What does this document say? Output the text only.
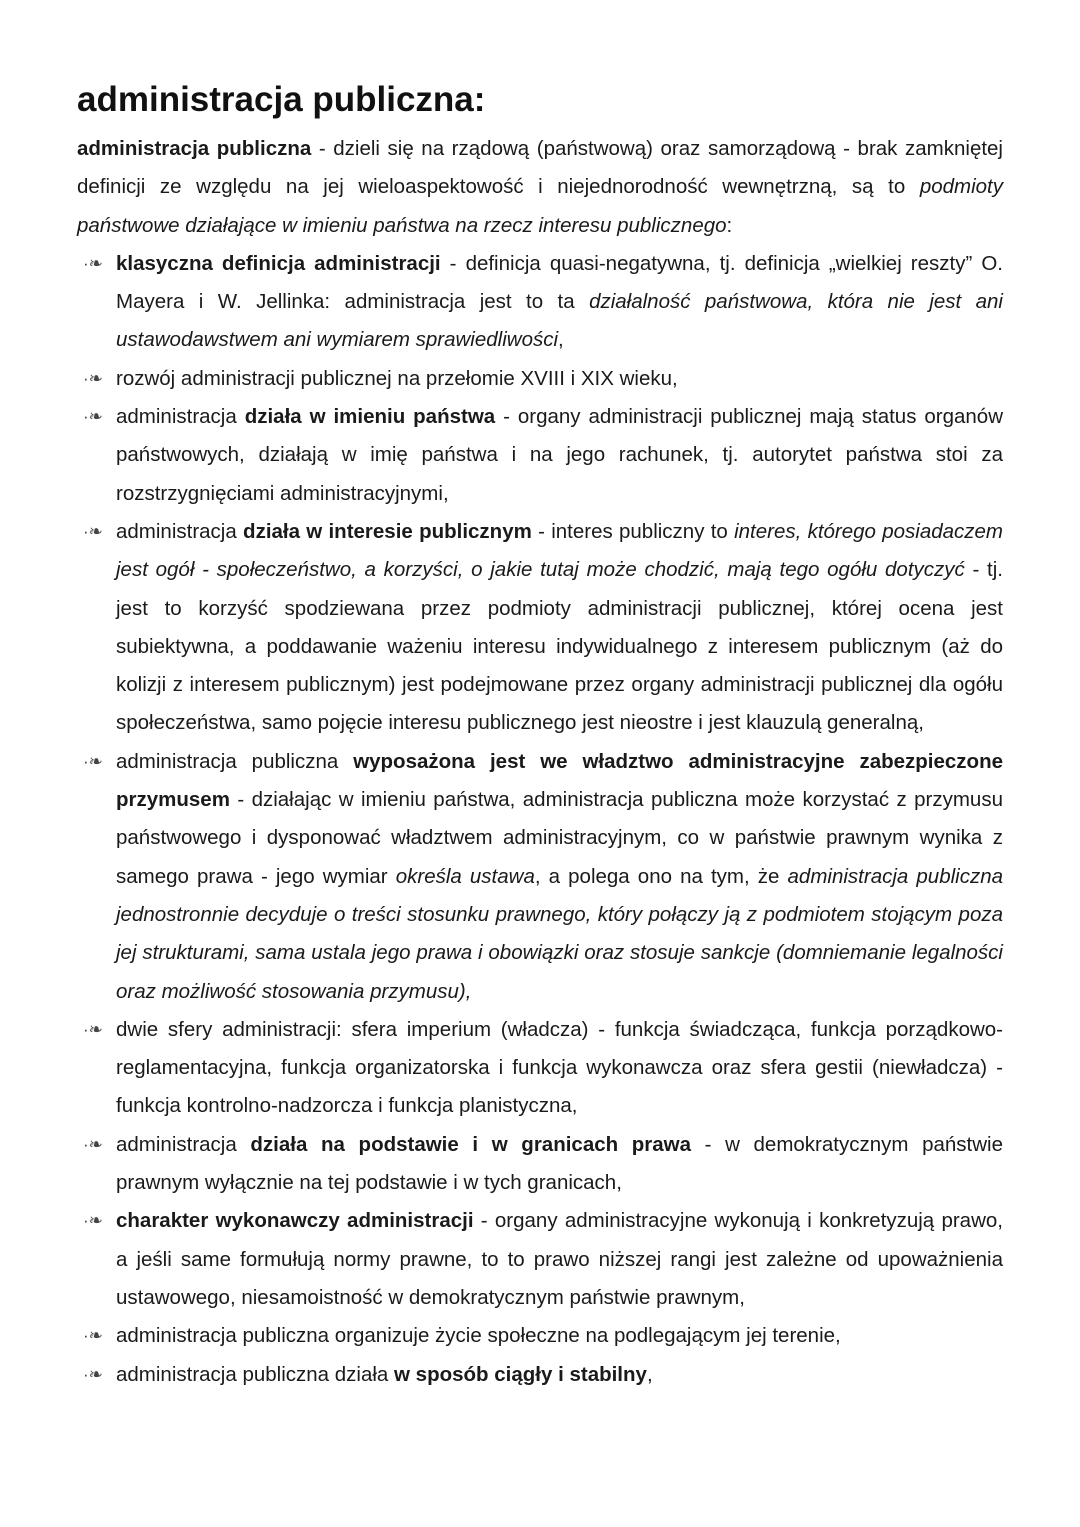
administracja publiczna:

administracja publiczna - dzieli się na rządową (państwową) oraz samorządową - brak zamkniętej definicji ze względu na jej wieloaspektowość i niejednorodność wewnętrzną, są to podmioty państwowe działające w imieniu państwa na rzecz interesu publicznego:

·❧ klasyczna definicja administracji - definicja quasi-negatywna, tj. definicja „wielkiej reszty” O. Mayera i W. Jellinka: administracja jest to ta działalność państwowa, która nie jest ani ustawodawstwem ani wymiarem sprawiedliwości,
·❧ rozwój administracji publicznej na przełomie XVIII i XIX wieku,
·❧ administracja działa w imieniu państwa - organy administracji publicznej mają status organów państwowych, działają w imię państwa i na jego rachunek, tj. autorytet państwa stoi za rozstrzygnięciami administracyjnymi,
·❧ administracja działa w interesie publicznym - interes publiczny to interes, którego posiadaczem jest ogół - społeczeństwo, a korzyści, o jakie tutaj może chodzić, mają tego ogółu dotyczyć - tj. jest to korzyść spodziewana przez podmioty administracji publicznej, której ocena jest subiektywna, a poddawanie ważeniu interesu indywidualnego z interesem publicznym (aż do kolizji z interesem publicznym) jest podejmowane przez organy administracji publicznej dla ogółu społeczeństwa, samo pojęcie interesu publicznego jest nieostre i jest klauzulą generalną,
·❧ administracja publiczna wyposażona jest we władztwo administracyjne zabezpieczone przymusem - działając w imieniu państwa, administracja publiczna może korzystać z przymusu państwowego i dysponować władztwem administracyjnym, co w państwie prawnym wynika z samego prawa - jego wymiar określa ustawa, a polega ono na tym, że administracja publiczna jednostronnie decyduje o treści stosunku prawnego, który połączy ją z podmiotem stojącym poza jej strukturami, sama ustala jego prawa i obowiązki oraz stosuje sankcje (domniemanie legalności oraz możliwość stosowania przymusu),
·❧ dwie sfery administracji: sfera imperium (władcza) - funkcja świadcząca, funkcja porządkowo-reglamentacyjna, funkcja organizatorska i funkcja wykonawcza oraz sfera gestii (niewładcza) - funkcja kontrolno-nadzorcza i funkcja planistyczna,
·❧ administracja działa na podstawie i w granicach prawa - w demokratycznym państwie prawnym wyłącznie na tej podstawie i w tych granicach,
·❧ charakter wykonawczy administracji - organy administracyjne wykonują i konkretyzują prawo, a jeśli same formułują normy prawne, to to prawo niższej rangi jest zależne od upoważnienia ustawowego, niesamoistność w demokratycznym państwie prawnym,
·❧ administracja publiczna organizuje życie społeczne na podlegającym jej terenie,
·❧ administracja publiczna działa w sposób ciągły i stabilny,
